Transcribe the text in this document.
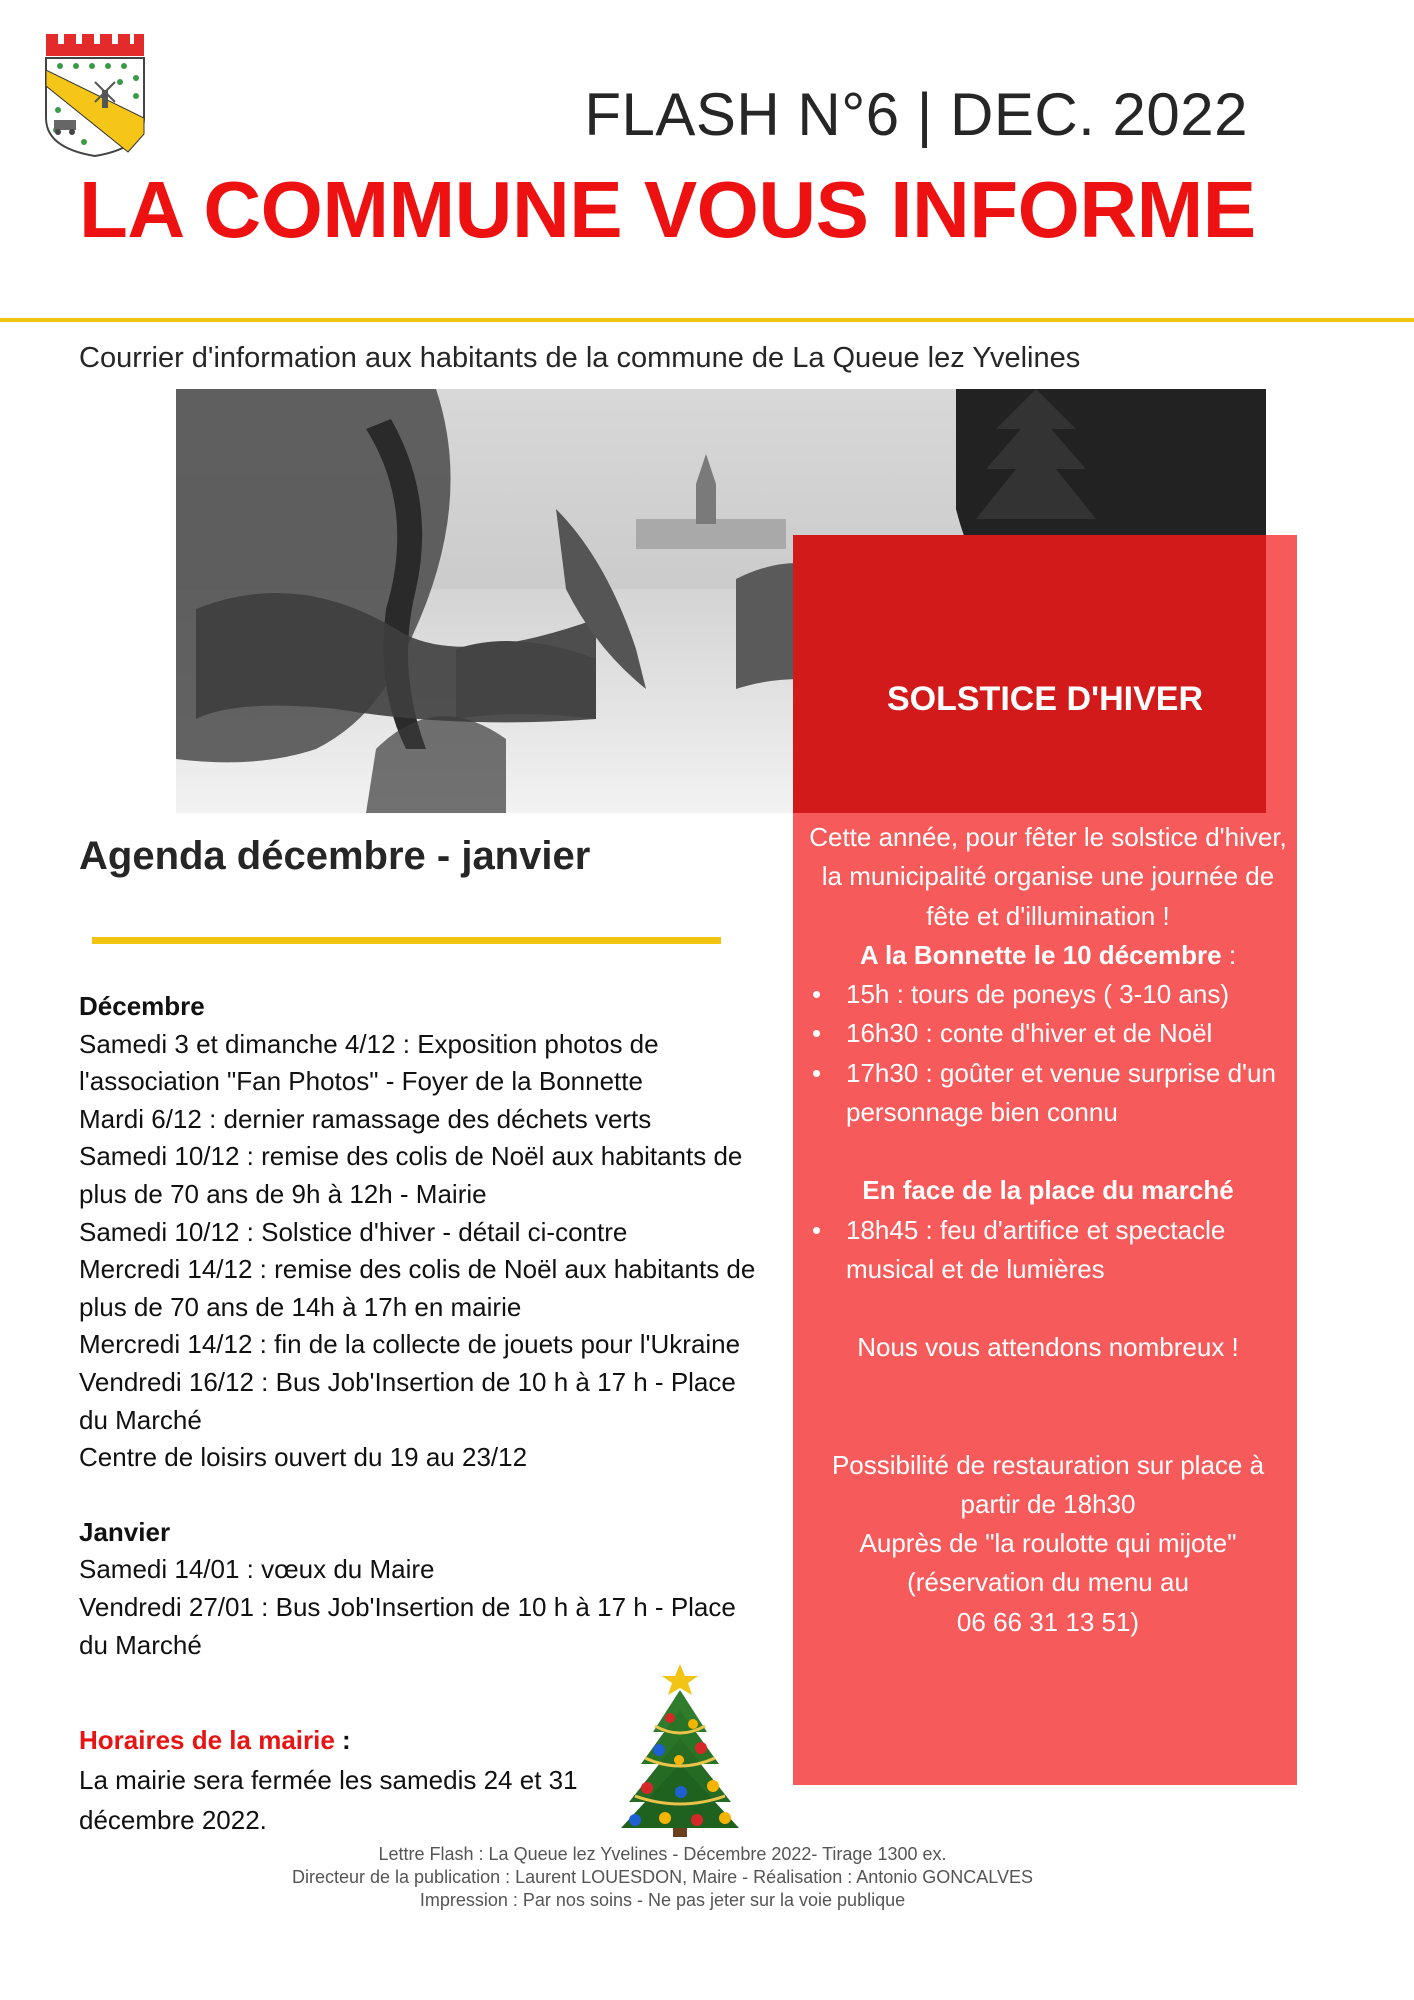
FLASH N°6 | DEC. 2022
LA COMMUNE VOUS INFORME
Courrier d'information aux habitants de la commune de La Queue lez Yvelines
SOLSTICE D'HIVER
Cette année, pour fêter le solstice d'hiver, la municipalité organise une journée de fête et d'illumination !
A la Bonnette le 10 décembre :
• 15h : tours de poneys ( 3-10 ans)
• 16h30 : conte d'hiver et de Noël
• 17h30 : goûter et venue surprise d'un personnage bien connu
En face de la place du marché
• 18h45 : feu d'artifice et spectacle musical et de lumières
Nous vous attendons nombreux !
Possibilité de restauration sur place à partir de 18h30
Auprès de "la roulotte qui mijote"
(réservation du menu au
06 66 31 13 51)
Agenda décembre - janvier
Décembre
Samedi 3 et dimanche 4/12 : Exposition photos de l'association "Fan Photos" - Foyer de la Bonnette
Mardi 6/12 : dernier ramassage des déchets verts
Samedi 10/12 : remise des colis de Noël aux habitants de plus de 70 ans de 9h à 12h - Mairie
Samedi 10/12 : Solstice d'hiver - détail ci-contre
Mercredi 14/12 : remise des colis de Noël aux habitants de plus de 70 ans de 14h à 17h en mairie
Mercredi 14/12 : fin de la collecte de jouets pour l'Ukraine
Vendredi 16/12 : Bus Job'Insertion de 10 h à 17 h - Place du Marché
Centre de loisirs ouvert du 19 au 23/12
Janvier
Samedi 14/01 : vœux du Maire
Vendredi 27/01 : Bus Job'Insertion de 10 h à 17 h - Place du Marché
Horaires de la mairie :
La mairie sera fermée les samedis 24 et 31 décembre 2022.
Lettre Flash : La Queue lez Yvelines - Décembre 2022- Tirage 1300 ex.
Directeur de la publication : Laurent LOUESDON, Maire - Réalisation : Antonio GONCALVES
Impression : Par nos soins - Ne pas jeter sur la voie publique
